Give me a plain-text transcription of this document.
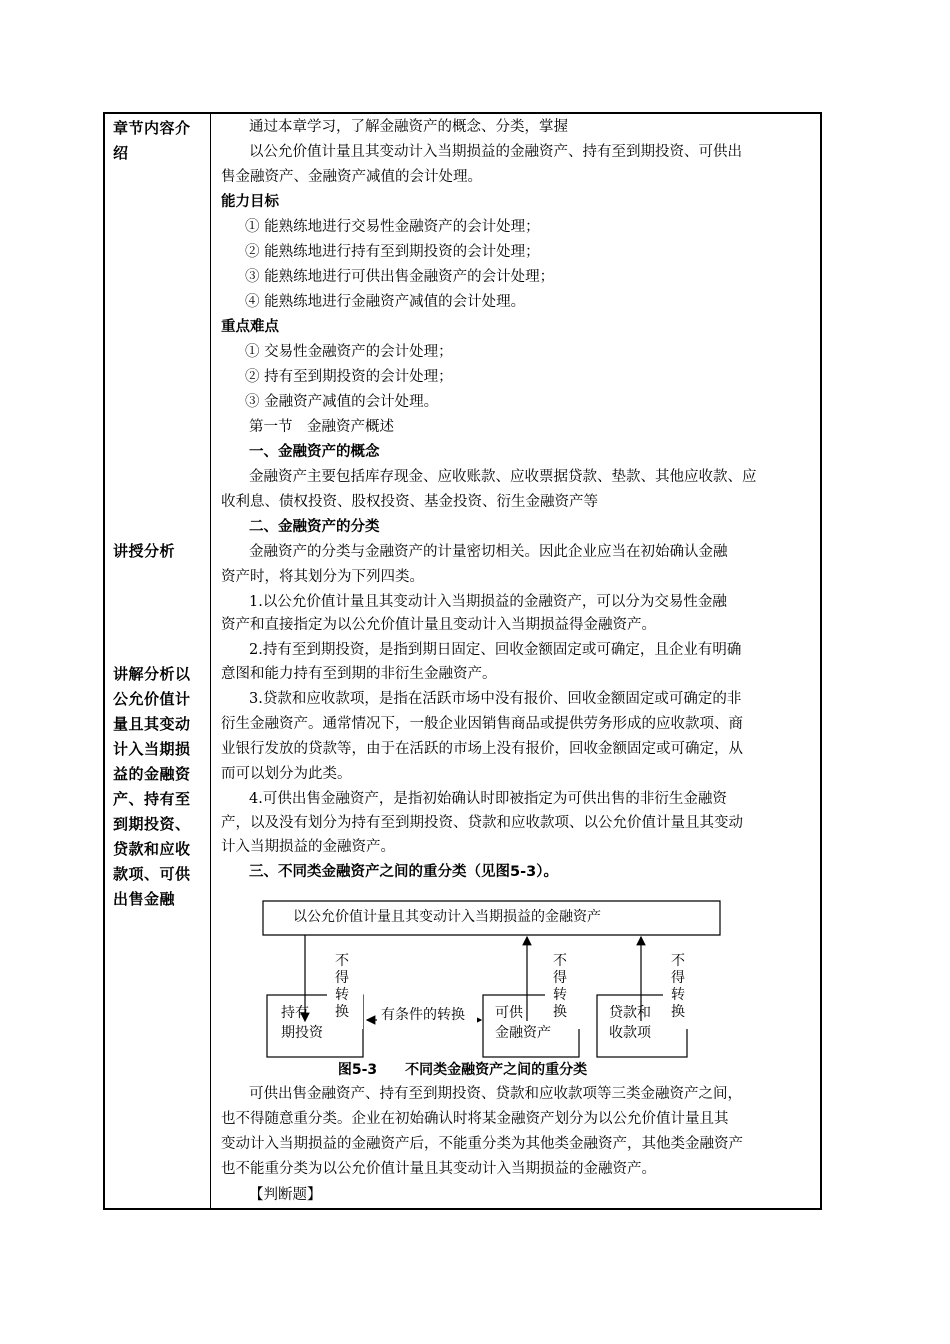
章节内容介绍
讲授分析
讲解分析以公允价值计量且其变动计入当期损益的金融资产、持有至到期投资、贷款和应收款项、可供出售金融
通过本章学习，了解金融资产的概念、分类，掌握
以公允价值计量且其变动计入当期损益的金融资产、持有至到期投资、可供出
售金融资产、金融资产减值的会计处理。
能力目标
① 能熟练地进行交易性金融资产的会计处理；
② 能熟练地进行持有至到期投资的会计处理；
③ 能熟练地进行可供出售金融资产的会计处理；
④ 能熟练地进行金融资产减值的会计处理。
重点难点
① 交易性金融资产的会计处理；
② 持有至到期投资的会计处理；
③ 金融资产减值的会计处理。
第一节　金融资产概述
一、金融资产的概念
金融资产主要包括库存现金、应收账款、应收票据贷款、垫款、其他应收款、应
收利息、债权投资、股权投资、基金投资、衍生金融资产等
二、金融资产的分类
金融资产的分类与金融资产的计量密切相关。因此企业应当在初始确认金融
资产时，将其划分为下列四类。
1.以公允价值计量且其变动计入当期损益的金融资产，可以分为交易性金融
资产和直接指定为以公允价值计量且变动计入当期损益得金融资产。
2.持有至到期投资，是指到期日固定、回收金额固定或可确定，且企业有明确
意图和能力持有至到期的非衍生金融资产。
3.贷款和应收款项，是指在活跃市场中没有报价、回收金额固定或可确定的非
衍生金融资产。通常情况下，一般企业因销售商品或提供劳务形成的应收款项、商
业银行发放的贷款等，由于在活跃的市场上没有报价，回收金额固定或可确定，从
而可以划分为此类。
4.可供出售金融资产，是指初始确认时即被指定为可供出售的非衍生金融资
产，以及没有划分为持有至到期投资、贷款和应收款项、以公允价值计量且其变动
计入当期损益的金融资产。
三、不同类金融资产之间的重分类（见图5-3）。
可供出售金融资产、持有至到期投资、贷款和应收款项等三类金融资产之间，
也不得随意重分类。企业在初始确认时将某金融资产划分为以公允价值计量且其
变动计入当期损益的金融资产后，不能重分类为其他类金融资产，其他类金融资产
也不能重分类为以公允价值计量且其变动计入当期损益的金融资产。
【判断题】
以公允价值计量且其变动计入当期损益的金融资产
持有
期投资
可供
金融资产
贷款和
收款项
不得转换
不得转换
不得转换
有条件的转换
图5-3　　不同类金融资产之间的重分类
